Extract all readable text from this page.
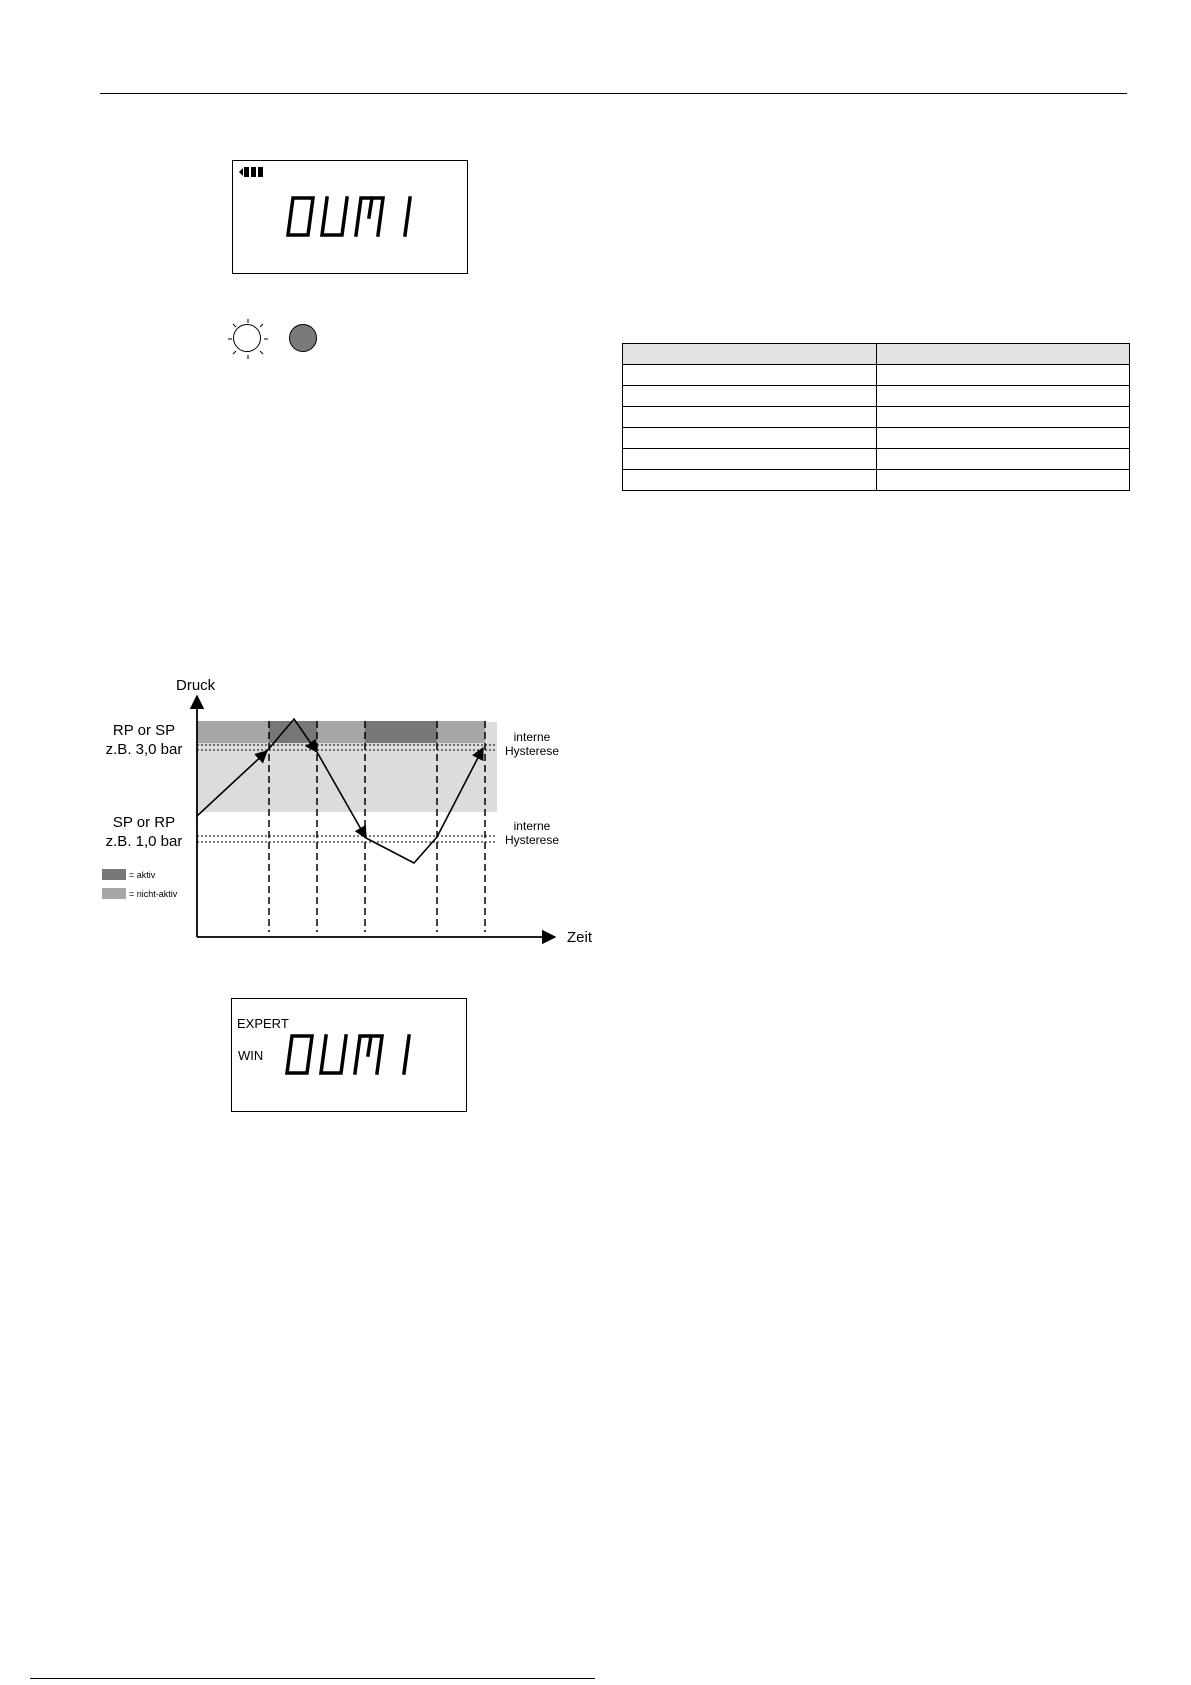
OUT 1

Druck
Zeit
RP or SP
z.B. 3,0 bar
SP or RP
z.B. 1,0 bar
interne
Hysterese
interne
Hysterese
= aktiv
= nicht-aktiv
EXPERT
WIN
OUT 1
